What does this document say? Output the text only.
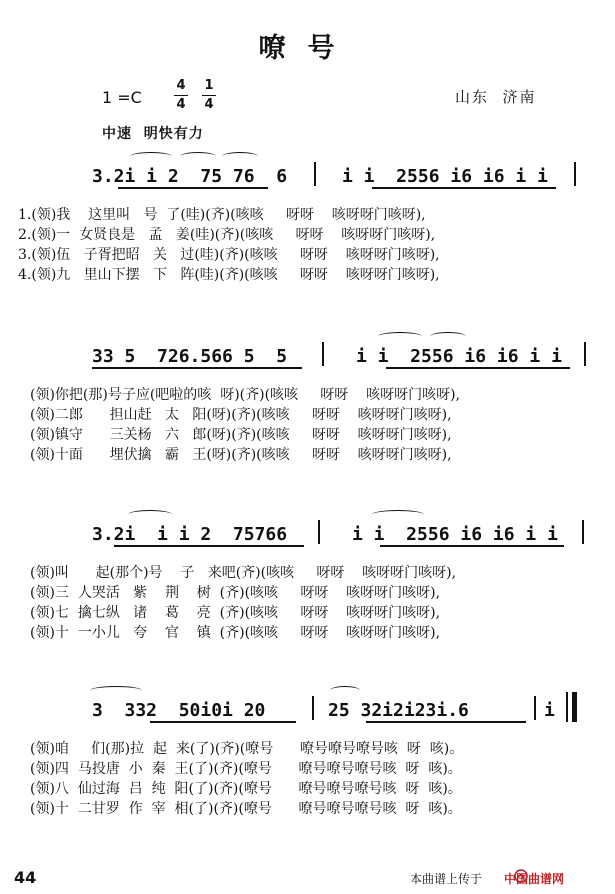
嘹号
1 =C
4
4
1
4	山东  济南
中速  明快有力
3.2i i 2  75 76  6	i i  2556 i6 i6 i i
1.(领)我    这里叫   号  了(哇)(齐)(咳咳     呀呀    咳呀呀门咳呀),
2.(领)一  女贤良是   孟   姜(哇)(齐)(咳咳     呀呀    咳呀呀门咳呀),
3.(领)伍   子胥把昭   关   过(哇)(齐)(咳咳     呀呀    咳呀呀门咳呀),
4.(领)九   里山下摆   下   阵(哇)(齐)(咳咳     呀呀    咳呀呀门咳呀),
33 5  726.566 5  5	i i  2556 i6 i6 i i
(领)你把(那)号子应(吧啦的咳  呀)(齐)(咳咳     呀呀    咳呀呀门咳呀),
(领)二郎      担山赶   太   阳(呀)(齐)(咳咳     呀呀    咳呀呀门咳呀),
(领)镇守      三关杨   六   郎(呀)(齐)(咳咳     呀呀    咳呀呀门咳呀),
(领)十面      埋伏擒   霸   王(呀)(齐)(咳咳     呀呀    咳呀呀门咳呀),
3.2i  i i 2  75766	i i  2556 i6 i6 i i
(领)叫      起(那个)号    子   来吧(齐)(咳咳     呀呀    咳呀呀门咳呀),
(领)三  人哭活   紫    荆    树  (齐)(咳咳     呀呀    咳呀呀门咳呀),
(领)七  擒七纵   诸    葛    亮  (齐)(咳咳     呀呀    咳呀呀门咳呀),
(领)十  一小儿   夸    官    镇  (齐)(咳咳     呀呀    咳呀呀门咳呀),
3  332  50i0i 20	25 32i2i23i.6	i
(领)咱     们(那)拉  起  来(了)(齐)(嘹号      嘹号嘹号嘹号咳  呀  咳)。
(领)四  马投唐  小  秦  王(了)(齐)(嘹号      嘹号嘹号嘹号咳  呀  咳)。
(领)八  仙过海  吕  纯  阳(了)(齐)(嘹号      嘹号嘹号嘹号咳  呀  咳)。
(领)十  二甘罗  作  宰  相(了)(齐)(嘹号      嘹号嘹号嘹号咳  呀  咳)。
44	本曲谱上传于 中国曲谱网
